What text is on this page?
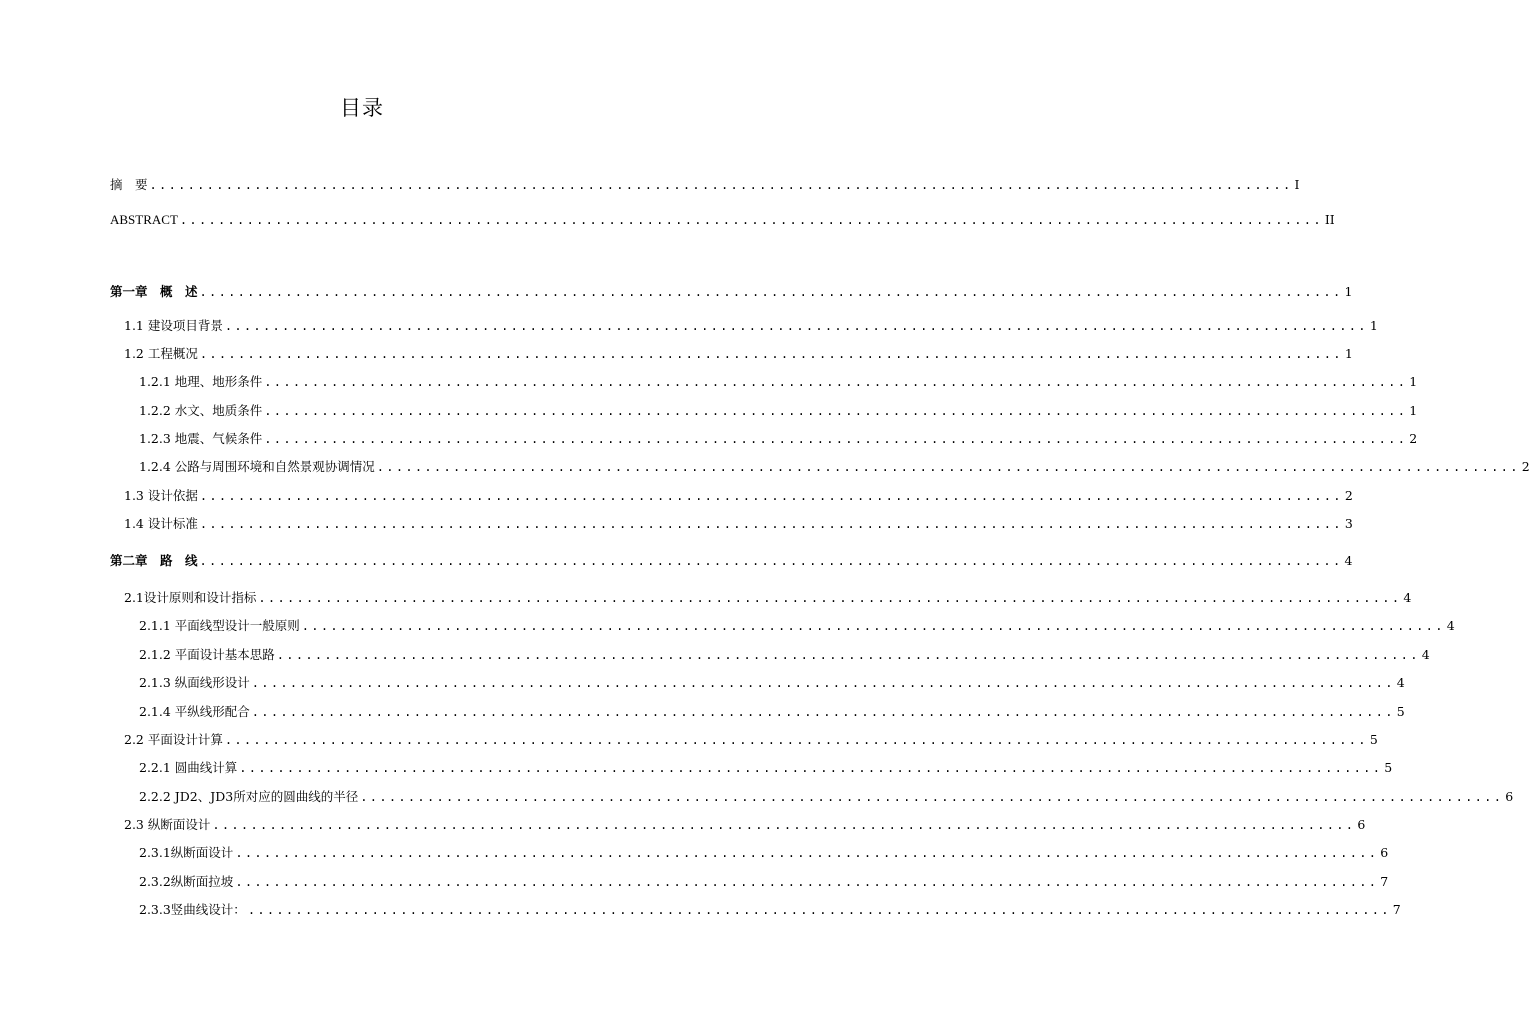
目录
摘　要 ........................................................................................................................ I
ABSTRACT ........................................................................................................................ II
第一章　概　述 ........................................................................................................................ 1
1.1 建设项目背景 ........................................................................................................................ 1
1.2 工程概况 ........................................................................................................................ 1
1.2.1 地理、地形条件 ........................................................................................................................ 1
1.2.2 水文、地质条件 ........................................................................................................................ 1
1.2.3 地震、气候条件 ........................................................................................................................ 2
1.2.4 公路与周围环境和自然景观协调情况 ........................................................................................................................ 2
1.3 设计依据 ........................................................................................................................ 2
1.4 设计标准 ........................................................................................................................ 3
第二章　路　线 ........................................................................................................................ 4
2.1设计原则和设计指标 ........................................................................................................................ 4
2.1.1 平面线型设计一般原则 ........................................................................................................................ 4
2.1.2 平面设计基本思路 ........................................................................................................................ 4
2.1.3 纵面线形设计 ........................................................................................................................ 4
2.1.4 平纵线形配合 ........................................................................................................................ 5
2.2 平面设计计算 ........................................................................................................................ 5
2.2.1 圆曲线计算 ........................................................................................................................ 5
2.2.2 JD2、JD3所对应的圆曲线的半径 ........................................................................................................................ 6
2.3 纵断面设计 ........................................................................................................................ 6
2.3.1纵断面设计 ........................................................................................................................ 6
2.3.2纵断面拉坡 ........................................................................................................................ 7
2.3.3竖曲线设计： ........................................................................................................................ 7
